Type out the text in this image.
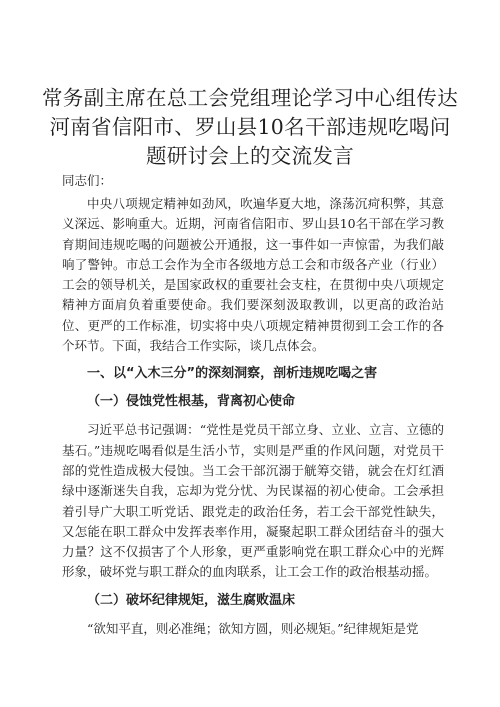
常务副主席在总工会党组理论学习中心组传达
河南省信阳市、罗山县10名干部违规吃喝问
题研讨会上的交流发言
同志们：

中央八项规定精神如劲风，吹遍华夏大地，涤荡沉疴积弊，其意义深远、影响重大。近期，河南省信阳市、罗山县10名干部在学习教育期间违规吃喝的问题被公开通报，这一事件如一声惊雷，为我们敲响了警钟。市总工会作为全市各级地方总工会和市级各产业（行业）工会的领导机关，是国家政权的重要社会支柱，在贯彻中央八项规定精神方面肩负着重要使命。我们要深刻汲取教训，以更高的政治站位、更严的工作标准，切实将中央八项规定精神贯彻到工会工作的各个环节。下面，我结合工作实际，谈几点体会。

一、以“入木三分”的深刻洞察，剖析违规吃喝之害
（一）侵蚀党性根基，背离初心使命

习近平总书记强调：“党性是党员干部立身、立业、立言、立德的基石。”违规吃喝看似是生活小节，实则是严重的作风问题，对党员干部的党性造成极大侵蚀。当工会干部沉溺于觥筹交错，就会在灯红酒绿中逐渐迷失自我，忘却为党分忧、为民谋福的初心使命。工会承担着引导广大职工听党话、跟党走的政治任务，若工会干部党性缺失，又怎能在职工群众中发挥表率作用，凝聚起职工群众团结奋斗的强大力量？这不仅损害了个人形象，更严重影响党在职工群众心中的光辉形象，破坏党与职工群众的血肉联系，让工会工作的政治根基动摇。

（二）破坏纪律规矩，滋生腐败温床

“欲知平直，则必准绳；欲知方圆，则必规矩。”纪律规矩是党
